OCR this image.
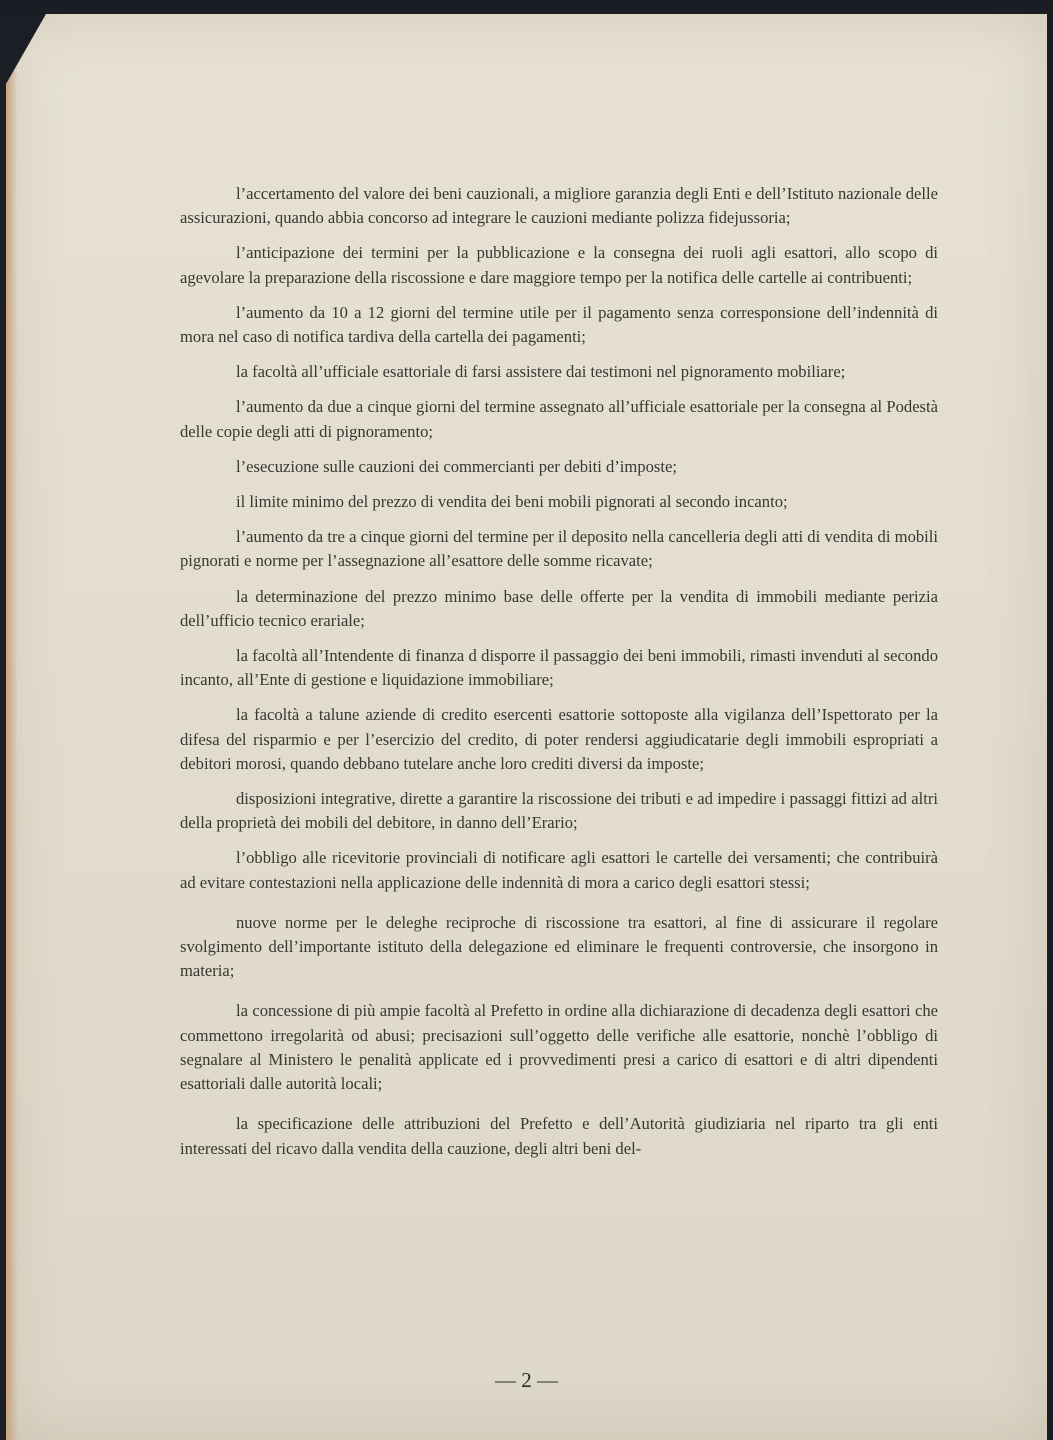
l’accertamento del valore dei beni cauzionali, a migliore garanzia degli Enti e dell’Istituto nazionale delle assicurazioni, quando abbia concorso ad integrare le cauzioni mediante polizza fidejussoria;

l’anticipazione dei termini per la pubblicazione e la consegna dei ruoli agli esattori, allo scopo di agevolare la preparazione della riscossione e dare maggiore tempo per la notifica delle cartelle ai contribuenti;

l’aumento da 10 a 12 giorni del termine utile per il pagamento senza corresponsione dell’indennità di mora nel caso di notifica tardiva della cartella dei pagamenti;

la facoltà all’ufficiale esattoriale di farsi assistere dai testimoni nel pignoramento mobiliare;

l’aumento da due a cinque giorni del termine assegnato all’ufficiale esattoriale per la consegna al Podestà delle copie degli atti di pignoramento;

l’esecuzione sulle cauzioni dei commercianti per debiti d’imposte;

il limite minimo del prezzo di vendita dei beni mobili pignorati al secondo incanto;

l’aumento da tre a cinque giorni del termine per il deposito nella cancelleria degli atti di vendita di mobili pignorati e norme per l’assegnazione all’esattore delle somme ricavate;

la determinazione del prezzo minimo base delle offerte per la vendita di immobili mediante perizia dell’ufficio tecnico erariale;

la facoltà all’Intendente di finanza d disporre il passaggio dei beni immobili, rimasti invenduti al secondo incanto, all’Ente di gestione e liquidazione immobiliare;

la facoltà a talune aziende di credito esercenti esattorie sottoposte alla vigilanza dell’Ispettorato per la difesa del risparmio e per l’esercizio del credito, di poter rendersi aggiudicatarie degli immobili espropriati a debitori morosi, quando debbano tutelare anche loro crediti diversi da imposte;

disposizioni integrative, dirette a garantire la riscossione dei tributi e ad impedire i passaggi fittizi ad altri della proprietà dei mobili del debitore, in danno dell’Erario;

l’obbligo alle ricevitorie provinciali di notificare agli esattori le cartelle dei versamenti; che contribuirà ad evitare contestazioni nella applicazione delle indennità di mora a carico degli esattori stessi;

nuove norme per le deleghe reciproche di riscossione tra esattori, al fine di assicurare il regolare svolgimento dell’importante istituto della delegazione ed eliminare le frequenti controversie, che insorgono in materia;

la concessione di più ampie facoltà al Prefetto in ordine alla dichiarazione di decadenza degli esattori che commettono irregolarità od abusi; precisazioni sull’oggetto delle verifiche alle esattorie, nonchè l’obbligo di segnalare al Ministero le penalità applicate ed i provvedimenti presi a carico di esattori e di altri dipendenti esattoriali dalle autorità locali;

la specificazione delle attribuzioni del Prefetto e dell’Autorità giudiziaria nel riparto tra gli enti interessati del ricavo dalla vendita della cauzione, degli altri beni del-

— 2 —
